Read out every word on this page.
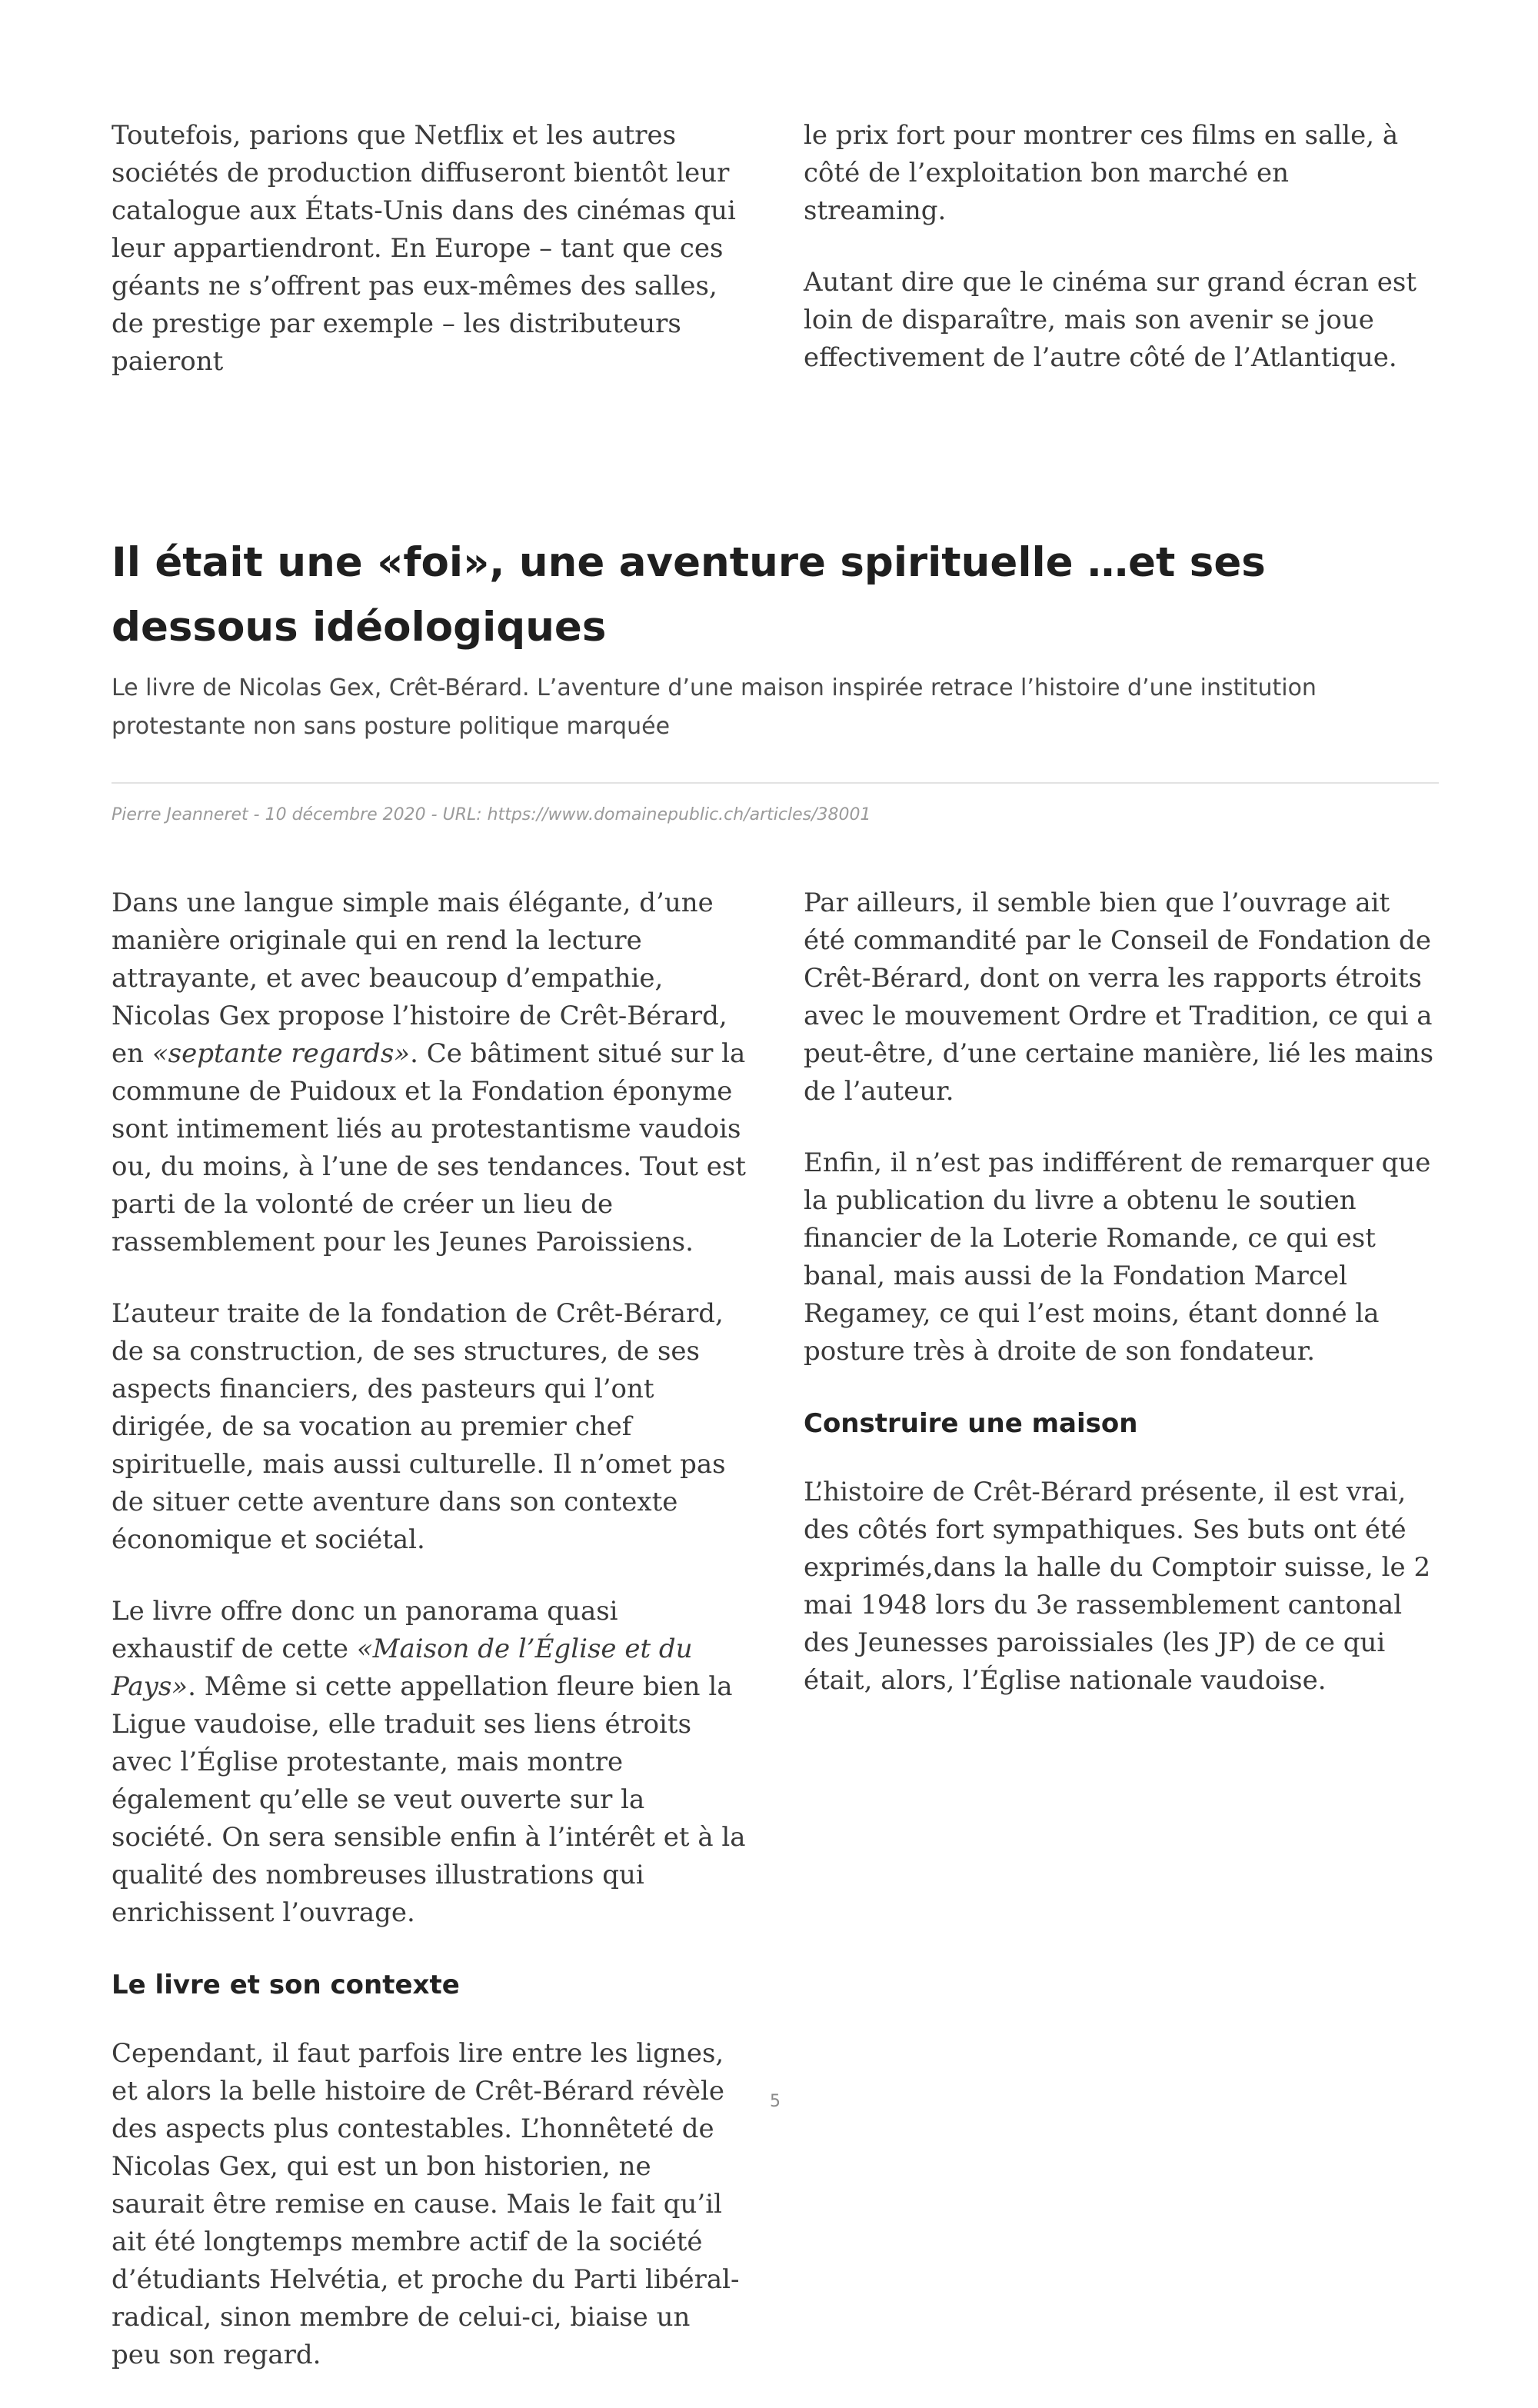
Toutefois, parions que Netflix et les autres sociétés de production diffuseront bientôt leur catalogue aux États-Unis dans des cinémas qui leur appartiendront. En Europe – tant que ces géants ne s’offrent pas eux-mêmes des salles, de prestige par exemple – les distributeurs paieront

le prix fort pour montrer ces films en salle, à côté de l’exploitation bon marché en streaming.

Autant dire que le cinéma sur grand écran est loin de disparaître, mais son avenir se joue effectivement de l’autre côté de l’Atlantique.

Il était une «foi», une aventure spirituelle …et ses dessous idéologiques

Le livre de Nicolas Gex, Crêt-Bérard. L’aventure d’une maison inspirée retrace l’histoire d’une institution protestante non sans posture politique marquée

Pierre Jeanneret - 10 décembre 2020 - URL: https://www.domainepublic.ch/articles/38001

Dans une langue simple mais élégante, d’une manière originale qui en rend la lecture attrayante, et avec beaucoup d’empathie, Nicolas Gex propose l’histoire de Crêt-Bérard, en «septante regards». Ce bâtiment situé sur la commune de Puidoux et la Fondation éponyme sont intimement liés au protestantisme vaudois ou, du moins, à l’une de ses tendances. Tout est parti de la volonté de créer un lieu de rassemblement pour les Jeunes Paroissiens.

L’auteur traite de la fondation de Crêt-Bérard, de sa construction, de ses structures, de ses aspects financiers, des pasteurs qui l’ont dirigée, de sa vocation au premier chef spirituelle, mais aussi culturelle. Il n’omet pas de situer cette aventure dans son contexte économique et sociétal.

Le livre offre donc un panorama quasi exhaustif de cette «Maison de l’Église et du Pays». Même si cette appellation fleure bien la Ligue vaudoise, elle traduit ses liens étroits avec l’Église protestante, mais montre également qu’elle se veut ouverte sur la société. On sera sensible enfin à l’intérêt et à la qualité des nombreuses illustrations qui enrichissent l’ouvrage.

Le livre et son contexte

Cependant, il faut parfois lire entre les lignes, et alors la belle histoire de Crêt-Bérard révèle des aspects plus contestables. L’honnêteté de Nicolas Gex, qui est un bon historien, ne saurait être remise en cause. Mais le fait qu’il ait été longtemps membre actif de la société d’étudiants Helvétia, et proche du Parti libéral-radical, sinon membre de celui-ci, biaise un peu son regard.

Par ailleurs, il semble bien que l’ouvrage ait été commandité par le Conseil de Fondation de Crêt-Bérard, dont on verra les rapports étroits avec le mouvement Ordre et Tradition, ce qui a peut-être, d’une certaine manière, lié les mains de l’auteur.

Enfin, il n’est pas indifférent de remarquer que la publication du livre a obtenu le soutien financier de la Loterie Romande, ce qui est banal, mais aussi de la Fondation Marcel Regamey, ce qui l’est moins, étant donné la posture très à droite de son fondateur.

Construire une maison

L’histoire de Crêt-Bérard présente, il est vrai, des côtés fort sympathiques. Ses buts ont été exprimés,dans la halle du Comptoir suisse, le 2 mai 1948 lors du 3e rassemblement cantonal des Jeunesses paroissiales (les JP) de ce qui était, alors, l’Église nationale vaudoise.

5
